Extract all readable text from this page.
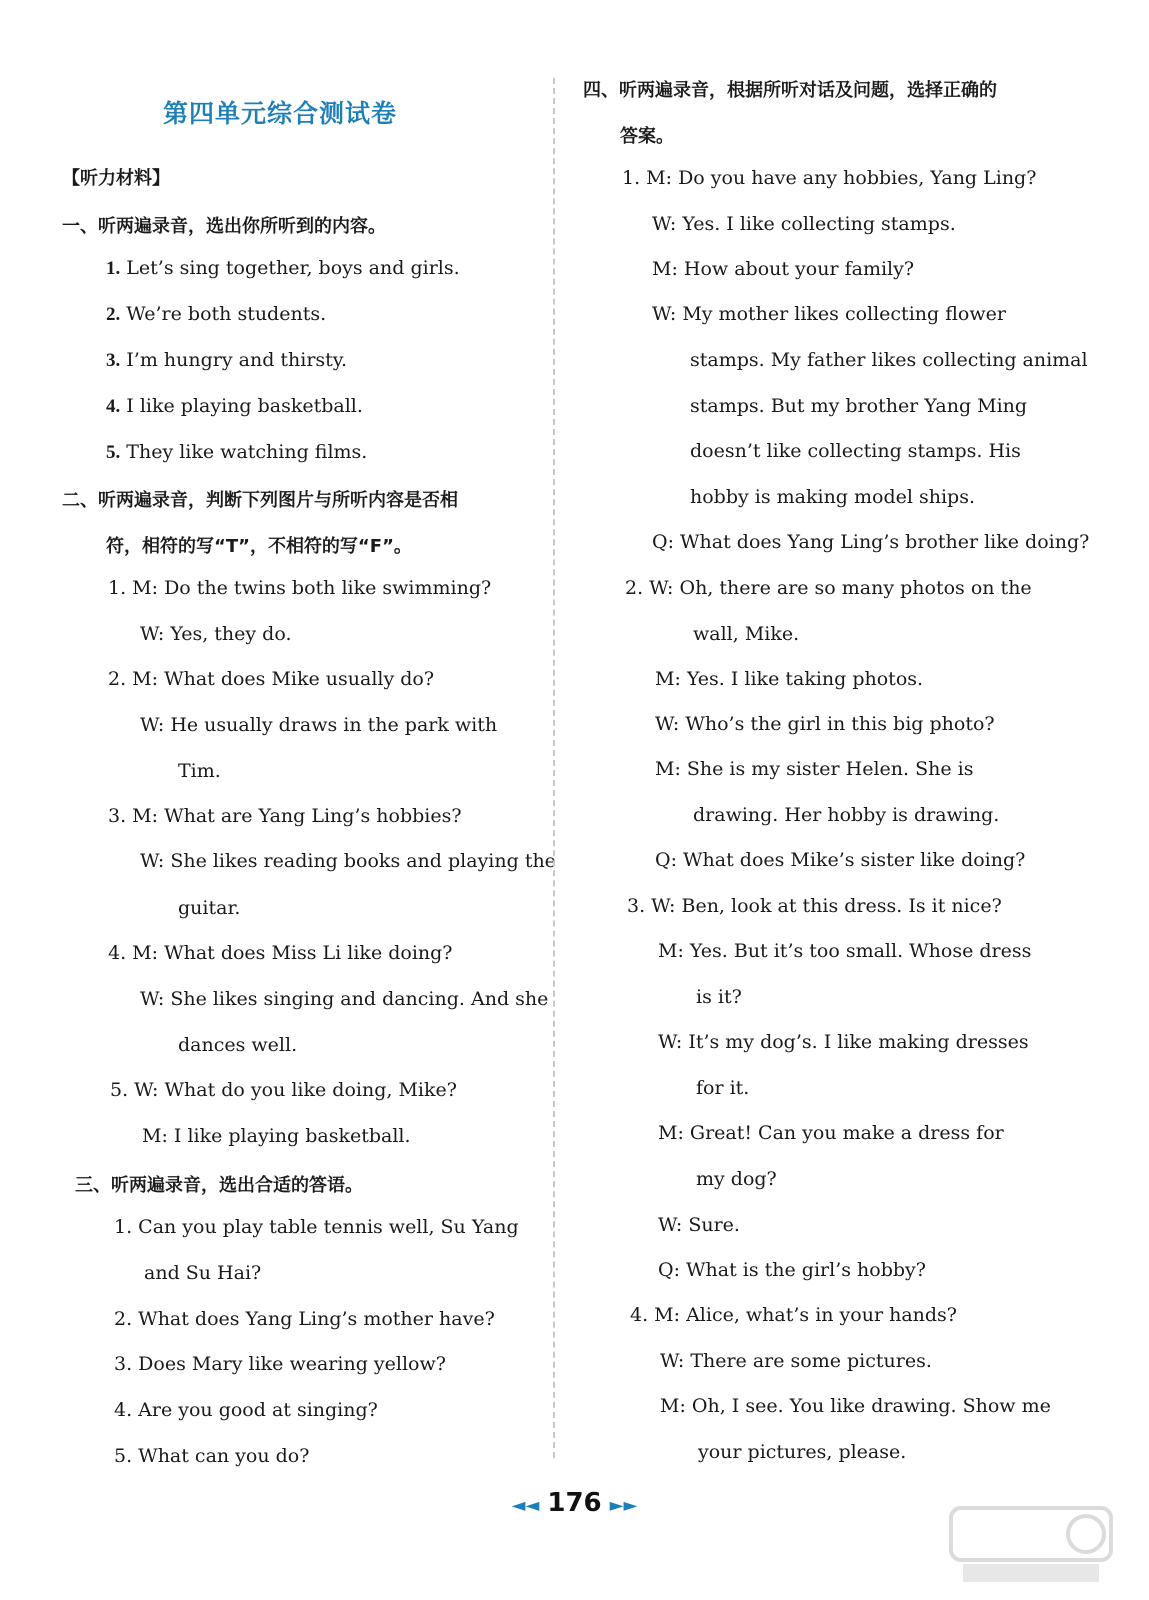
第四单元综合测试卷
【听力材料】
一、听两遍录音，选出你所听到的内容。
1. Let’s sing together, boys and girls.
2. We’re both students.
3. I’m hungry and thirsty.
4. I like playing basketball.
5. They like watching films.
二、听两遍录音，判断下列图片与所听内容是否相
符，相符的写“T”，不相符的写“F”。
1. M: Do the twins both like swimming?
W: Yes, they do.
2. M: What does Mike usually do?
W: He usually draws in the park with
Tim.
3. M: What are Yang Ling’s hobbies?
W: She likes reading books and playing the
guitar.
4. M: What does Miss Li like doing?
W: She likes singing and dancing. And she
dances well.
5. W: What do you like doing, Mike?
M: I like playing basketball.
三、听两遍录音，选出合适的答语。
1. Can you play table tennis well, Su Yang
and Su Hai?
2. What does Yang Ling’s mother have?
3. Does Mary like wearing yellow?
4. Are you good at singing?
5. What can you do?
四、听两遍录音，根据所听对话及问题，选择正确的
答案。
1. M: Do you have any hobbies, Yang Ling?
W: Yes. I like collecting stamps.
M: How about your family?
W: My mother likes collecting flower
stamps. My father likes collecting animal
stamps. But my brother Yang Ming
doesn’t like collecting stamps. His
hobby is making model ships.
Q: What does Yang Ling’s brother like doing?
2. W: Oh, there are so many photos on the
wall, Mike.
M: Yes. I like taking photos.
W: Who’s the girl in this big photo?
M: She is my sister Helen. She is
drawing. Her hobby is drawing.
Q: What does Mike’s sister like doing?
3. W: Ben, look at this dress. Is it nice?
M: Yes. But it’s too small. Whose dress
is it?
W: It’s my dog’s. I like making dresses
for it.
M: Great! Can you make a dress for
my dog?
W: Sure.
Q: What is the girl’s hobby?
4. M: Alice, what’s in your hands?
W: There are some pictures.
M: Oh, I see. You like drawing. Show me
your pictures, please.
◄◄ 176 ►►
